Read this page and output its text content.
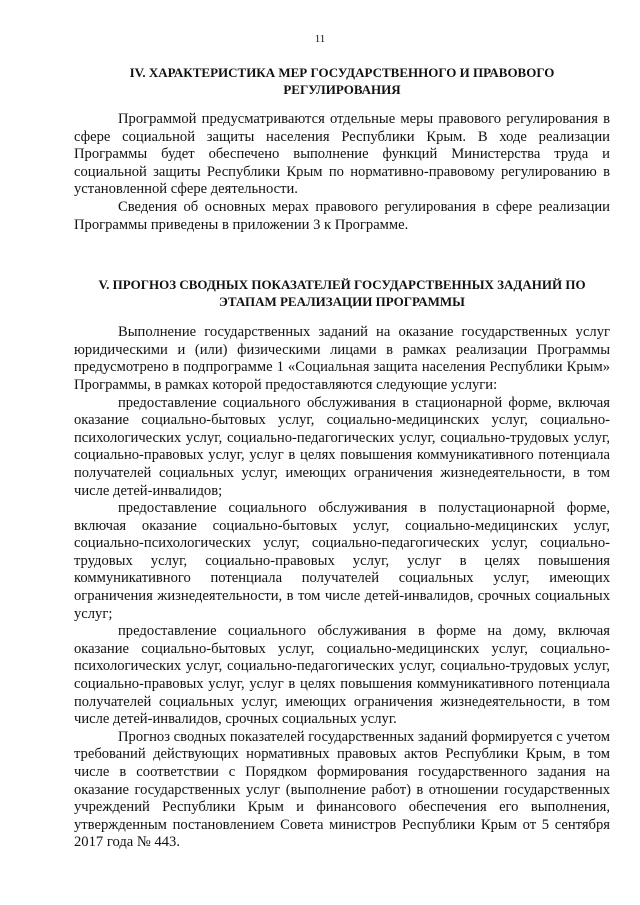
11
IV. ХАРАКТЕРИСТИКА МЕР ГОСУДАРСТВЕННОГО И ПРАВОВОГО
РЕГУЛИРОВАНИЯ

Программой предусматриваются отдельные меры правового регулирования в сфере социальной защиты населения Республики Крым. В ходе реализации Программы будет обеспечено выполнение функций Министерства труда и социальной защиты Республики Крым по нормативно-правовому регулированию в установленной сфере деятельности.

Сведения об основных мерах правового регулирования в сфере реализации Программы приведены в приложении 3 к Программе.

V. ПРОГНОЗ СВОДНЫХ ПОКАЗАТЕЛЕЙ ГОСУДАРСТВЕННЫХ ЗАДАНИЙ ПО
ЭТАПАМ РЕАЛИЗАЦИИ ПРОГРАММЫ

Выполнение государственных заданий на оказание государственных услуг юридическими и (или) физическими лицами в рамках реализации Программы предусмотрено в подпрограмме 1 «Социальная защита населения Республики Крым» Программы, в рамках которой предоставляются следующие услуги:

предоставление социального обслуживания в стационарной форме, включая оказание социально-бытовых услуг, социально-медицинских услуг, социально-психологических услуг, социально-педагогических услуг, социально-трудовых услуг, социально-правовых услуг, услуг в целях повышения коммуникативного потенциала получателей социальных услуг, имеющих ограничения жизнедеятельности, в том числе детей-инвалидов;

предоставление социального обслуживания в полустационарной форме, включая оказание социально-бытовых услуг, социально-медицинских услуг, социально-психологических услуг, социально-педагогических услуг, социально-трудовых услуг, социально-правовых услуг, услуг в целях повышения коммуникативного потенциала получателей социальных услуг, имеющих ограничения жизнедеятельности, в том числе детей-инвалидов, срочных социальных услуг;

предоставление социального обслуживания в форме на дому, включая оказание социально-бытовых услуг, социально-медицинских услуг, социально-психологических услуг, социально-педагогических услуг, социально-трудовых услуг, социально-правовых услуг, услуг в целях повышения коммуникативного потенциала получателей социальных услуг, имеющих ограничения жизнедеятельности, в том числе детей-инвалидов, срочных социальных услуг.

Прогноз сводных показателей государственных заданий формируется с учетом требований действующих нормативных правовых актов Республики Крым, в том числе в соответствии с Порядком формирования государственного задания на оказание государственных услуг (выполнение работ) в отношении государственных учреждений Республики Крым и финансового обеспечения его выполнения, утвержденным постановлением Совета министров Республики Крым от 5 сентября 2017 года № 443.
